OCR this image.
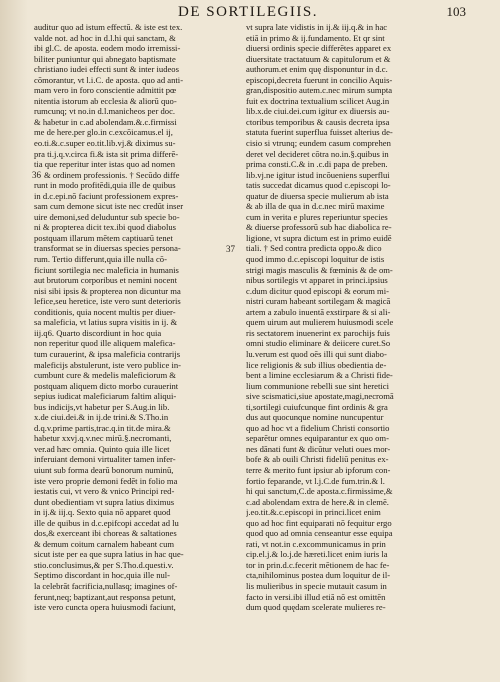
DE SORTILEGIIS.	103
auditur quo ad istum effectū. & iste est tex.
valde not. ad hoc in d.l.hi qui sanctam, &
ibi gl.C. de aposta. eodem modo irremissi-
biliter puniuntur qui abnegato baptismate
christiano iudei effecti sunt & inter iudeos
cōmorantur, vt l.i.C. de aposta. quo ad anti-
mam vero in foro conscientie admittit pœ
nitentia istorum ab ecclesia & aliorū quo-
rumcunq; vt no.in d.l.manicheos per doc.
& habetur in c.ad abolendam.&.c.firmissi
me de here.per glo.in c.excōicamus.el ij,
eo.ti.&.c.super eo.tit.lib.vj.& diximus su-
pra ti.j.q.v.circa fi.& ista sit prima differē-
tia que reperitur inter istas quo ad nomen
& ordinem professionis. † Secūdo diffe
runt in modo profitēdi,quia ille de quibus
in d.c.epi.nō faciunt professionem expres-
sam cum demone sicut iste nec credūt inser
uire demoni,sed deluduntur sub specie bo-
ni & propterea dicit tex.ibi quod diabolus
postquam illarum mētem captiuarū tenet
transformat se in diuersas species persona-
rum. Tertio differunt,quia ille nulla cō-
ficiunt sortilegia nec maleficia in humanis
aut brutorum corporibus et nemini nocent
nisi sibi ipsis & propterea non dicuntur ma
lefice,seu heretice, iste vero sunt deterioris
conditionis, quia nocent multis per diuer-
sa maleficia, vt latius supra visitis in ij. &
iij.q6. Quarto discordiunt in hoc quia
non reperitur quod ille aliquem malefica-
tum curauerint, & ipsa maleficia contrarijs
maleficijs abstulerunt, iste vero publice in-
cumbunt cure & medelis maleficiorum &
postquam aliquem dicto morbo curauerint
sepius iudicat maleficiarum faltim aliqui-
bus indicijs,vt habetur per S.Aug.in lib.
x.de ciui.dei.& in ij.de trini.& S.Tho.in
d.q.v.prime partis,trac.q.in tit.de mira.&
habetur xxvj.q.v.nec mirū.§.necromanti,
ver.ad hæc omnia. Quinto quia ille licet
inferuiant demoni virtualiter tamen infer-
uiunt sub forma dearū bonorum numinū,
iste vero proprie demoni fedēt in folio ma
iestatis cui, vt vero & vnico Principi red-
dunt obedientiam vt supra latius diximus
in ij.& iij.q. Sexto quia nō apparet quod
ille de quibus in d.c.epifcopi accedat ad lu
dos,& exerceant ibi choreas & saltationes
& demum coitum carnalem habeant cum
sicut iste per ea que supra latius in hac que-
stio.conclusimus,& per S.Tho.d.questi.v.
Septimo discordant in hoc,quia ille nul-
la celebrāt facrificia,nullasq; imagines of-
ferunt,neq; baptizant,aut responsa petunt,
iste vero cuncta opera huiusmodi faciunt,
vt supra late vidistis in ij.& iij.q.& in hac
etiā in primo & ij.fundamento. Et qr sint
diuersi ordinis specie differētes apparet ex
diuersitate tractatuum & capitulorum et &
authorum.et enim quę disponuntur in d.c.
episcopi,decreta fuerunt in concilio Aquis-
gran,dispositio autem.c.nec mirum sumpta
fuit ex doctrina textualium scilicet Aug.in
lib.x.de ciui.dei.cum igitur ex diuersis au-
ctoribus temporibus & causis decreta ipsa
statuta fuerint superflua fuisset alterius de-
cisio si vtrunq; eundem casum comprehen
deret vel decideret cōtra no.in.§.quibus in
prima consti.C.& in .c.di papa de preben.
lib.vj.ne igitur istud incōueniens superflui
tatis succedat dicamus quod c.episcopi lo-
quatur de diuersa specie mulierum ab ista
& ab illa de qua in d.c.nec mirū maxime
cum in verita e plures reperiuntur species
& diuerse professorū sub hac diabolica re-
ligione, vt supra dictum est in primo euidē
tiali. † Sed contra predicta oppo.& dico
quod immo d.c.episcopi loquitur de istis
strigi magis masculis & fœminis & de om-
nibus sortilegis vt apparet in princi.ipsius
c.dum dicitur quod episcopi & eorum mi-
nistri curam habeant sortilegam & magicā
artem a zabulo inuentā exstirpare & si ali-
quem uirum aut mulierem huiusmodi scele
ris sectatorem inuenerint ex parochijs fuis
omni studio eliminare & deiicere curet.So
lu.verum est quod oēs illi qui sunt diabo-
lice religionis & sub illius obedientia de-
bent a limine ecclesiarum & a Christi fide-
lium communione rebelli sue sint heretici
sive scismatici,siue apostate,magi,necromā
ti,sortilegi cuiufcunque fint ordinis & gra
dus aut quocunque nomine nuncupentur
quo ad hoc vt a fidelium Christi consortio
separētur omnes equiparantur ex quo om-
nes dānati funt & dicūtur veluti oues mor-
bofe & ab ouili Christi fideliū penitus ex-
terre & merito funt ipsiur ab ipforum con-
fortio feparande, vt l.j.C.de fum.trin.& l.
hi qui sanctum,C.de aposta.c.firmissime,&
c.ad abolendam extra de here.& in clemē.
j.eo.tit.&.c.episcopi in princi.licet enim
quo ad hoc fint equiparati nō fequitur ergo
quod quo ad omnia censeantur esse equipa
rati, vt not.in c.excommunicamus in prin
cip.el.j.& lo.j.de hæreti.licet enim iuris la
tor in prin.d.c.fecerit mētionem de hac fe-
cta,nihilominus postea dum loquitur de il-
lis mulieribus in specie mutauit casum in
facto in versi.ibi illud etiā nō est omittēn
dum quod quędam scelerate mulieres re-
36
37
